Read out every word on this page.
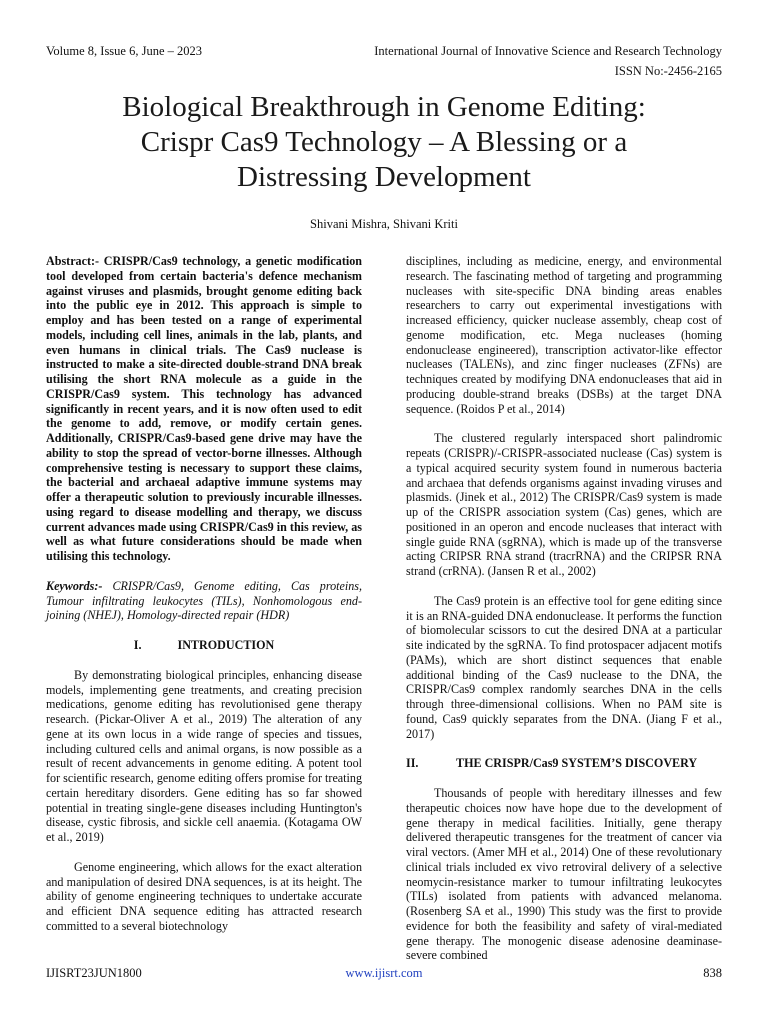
Volume 8, Issue 6, June – 2023	International Journal of Innovative Science and Research Technology
ISSN No:-2456-2165
Biological Breakthrough in Genome Editing:
Crispr Cas9 Technology – A Blessing or a
Distressing Development
Shivani Mishra, Shivani Kriti

Abstract:- CRISPR/Cas9 technology, a genetic modification tool developed from certain bacteria's defence mechanism against viruses and plasmids, brought genome editing back into the public eye in 2012. This approach is simple to employ and has been tested on a range of experimental models, including cell lines, animals in the lab, plants, and even humans in clinical trials. The Cas9 nuclease is instructed to make a site-directed double-strand DNA break utilising the short RNA molecule as a guide in the CRISPR/Cas9 system. This technology has advanced significantly in recent years, and it is now often used to edit the genome to add, remove, or modify certain genes. Additionally, CRISPR/Cas9-based gene drive may have the ability to stop the spread of vector-borne illnesses. Although comprehensive testing is necessary to support these claims, the bacterial and archaeal adaptive immune systems may offer a therapeutic solution to previously incurable illnesses. using regard to disease modelling and therapy, we discuss current advances made using CRISPR/Cas9 in this review, as well as what future considerations should be made when utilising this technology.

Keywords:- CRISPR/Cas9, Genome editing, Cas proteins, Tumour infiltrating leukocytes (TILs), Nonhomologous end-joining (NHEJ), Homology-directed repair (HDR)

I.	INTRODUCTION

By demonstrating biological principles, enhancing disease models, implementing gene treatments, and creating precision medications, genome editing has revolutionised gene therapy research. (Pickar-Oliver A et al., 2019) The alteration of any gene at its own locus in a wide range of species and tissues, including cultured cells and animal organs, is now possible as a result of recent advancements in genome editing. A potent tool for scientific research, genome editing offers promise for treating certain hereditary disorders. Gene editing has so far showed potential in treating single-gene diseases including Huntington's disease, cystic fibrosis, and sickle cell anaemia. (Kotagama OW et al., 2019)

Genome engineering, which allows for the exact alteration and manipulation of desired DNA sequences, is at its height. The ability of genome engineering techniques to undertake accurate and efficient DNA sequence editing has attracted research committed to a several biotechnology

disciplines, including as medicine, energy, and environmental research. The fascinating method of targeting and programming nucleases with site-specific DNA binding areas enables researchers to carry out experimental investigations with increased efficiency, quicker nuclease assembly, cheap cost of genome modification, etc. Mega nucleases (homing endonuclease engineered), transcription activator-like effector nucleases (TALENs), and zinc finger nucleases (ZFNs) are techniques created by modifying DNA endonucleases that aid in producing double-strand breaks (DSBs) at the target DNA sequence. (Roidos P et al., 2014)

The clustered regularly interspaced short palindromic repeats (CRISPR)/-CRISPR-associated nuclease (Cas) system is a typical acquired security system found in numerous bacteria and archaea that defends organisms against invading viruses and plasmids. (Jinek et al., 2012) The CRISPR/Cas9 system is made up of the CRISPR association system (Cas) genes, which are positioned in an operon and encode nucleases that interact with single guide RNA (sgRNA), which is made up of the transverse acting CRIPSR RNA strand (tracrRNA) and the CRIPSR RNA strand (crRNA). (Jansen R et al., 2002)

The Cas9 protein is an effective tool for gene editing since it is an RNA-guided DNA endonuclease. It performs the function of biomolecular scissors to cut the desired DNA at a particular site indicated by the sgRNA. To find protospacer adjacent motifs (PAMs), which are short distinct sequences that enable additional binding of the Cas9 nuclease to the DNA, the CRISPR/Cas9 complex randomly searches DNA in the cells through three-dimensional collisions. When no PAM site is found, Cas9 quickly separates from the DNA. (Jiang F et al., 2017)

II.	THE CRISPR/Cas9 SYSTEM’S DISCOVERY

Thousands of people with hereditary illnesses and few therapeutic choices now have hope due to the development of gene therapy in medical facilities. Initially, gene therapy delivered therapeutic transgenes for the treatment of cancer via viral vectors. (Amer MH et al., 2014) One of these revolutionary clinical trials included ex vivo retroviral delivery of a selective neomycin-resistance marker to tumour infiltrating leukocytes (TILs) isolated from patients with advanced melanoma. (Rosenberg SA et al., 1990) This study was the first to provide evidence for both the feasibility and safety of viral-mediated gene therapy. The monogenic disease adenosine deaminase-severe combined

IJISRT23JUN1800	www.ijisrt.com	838
